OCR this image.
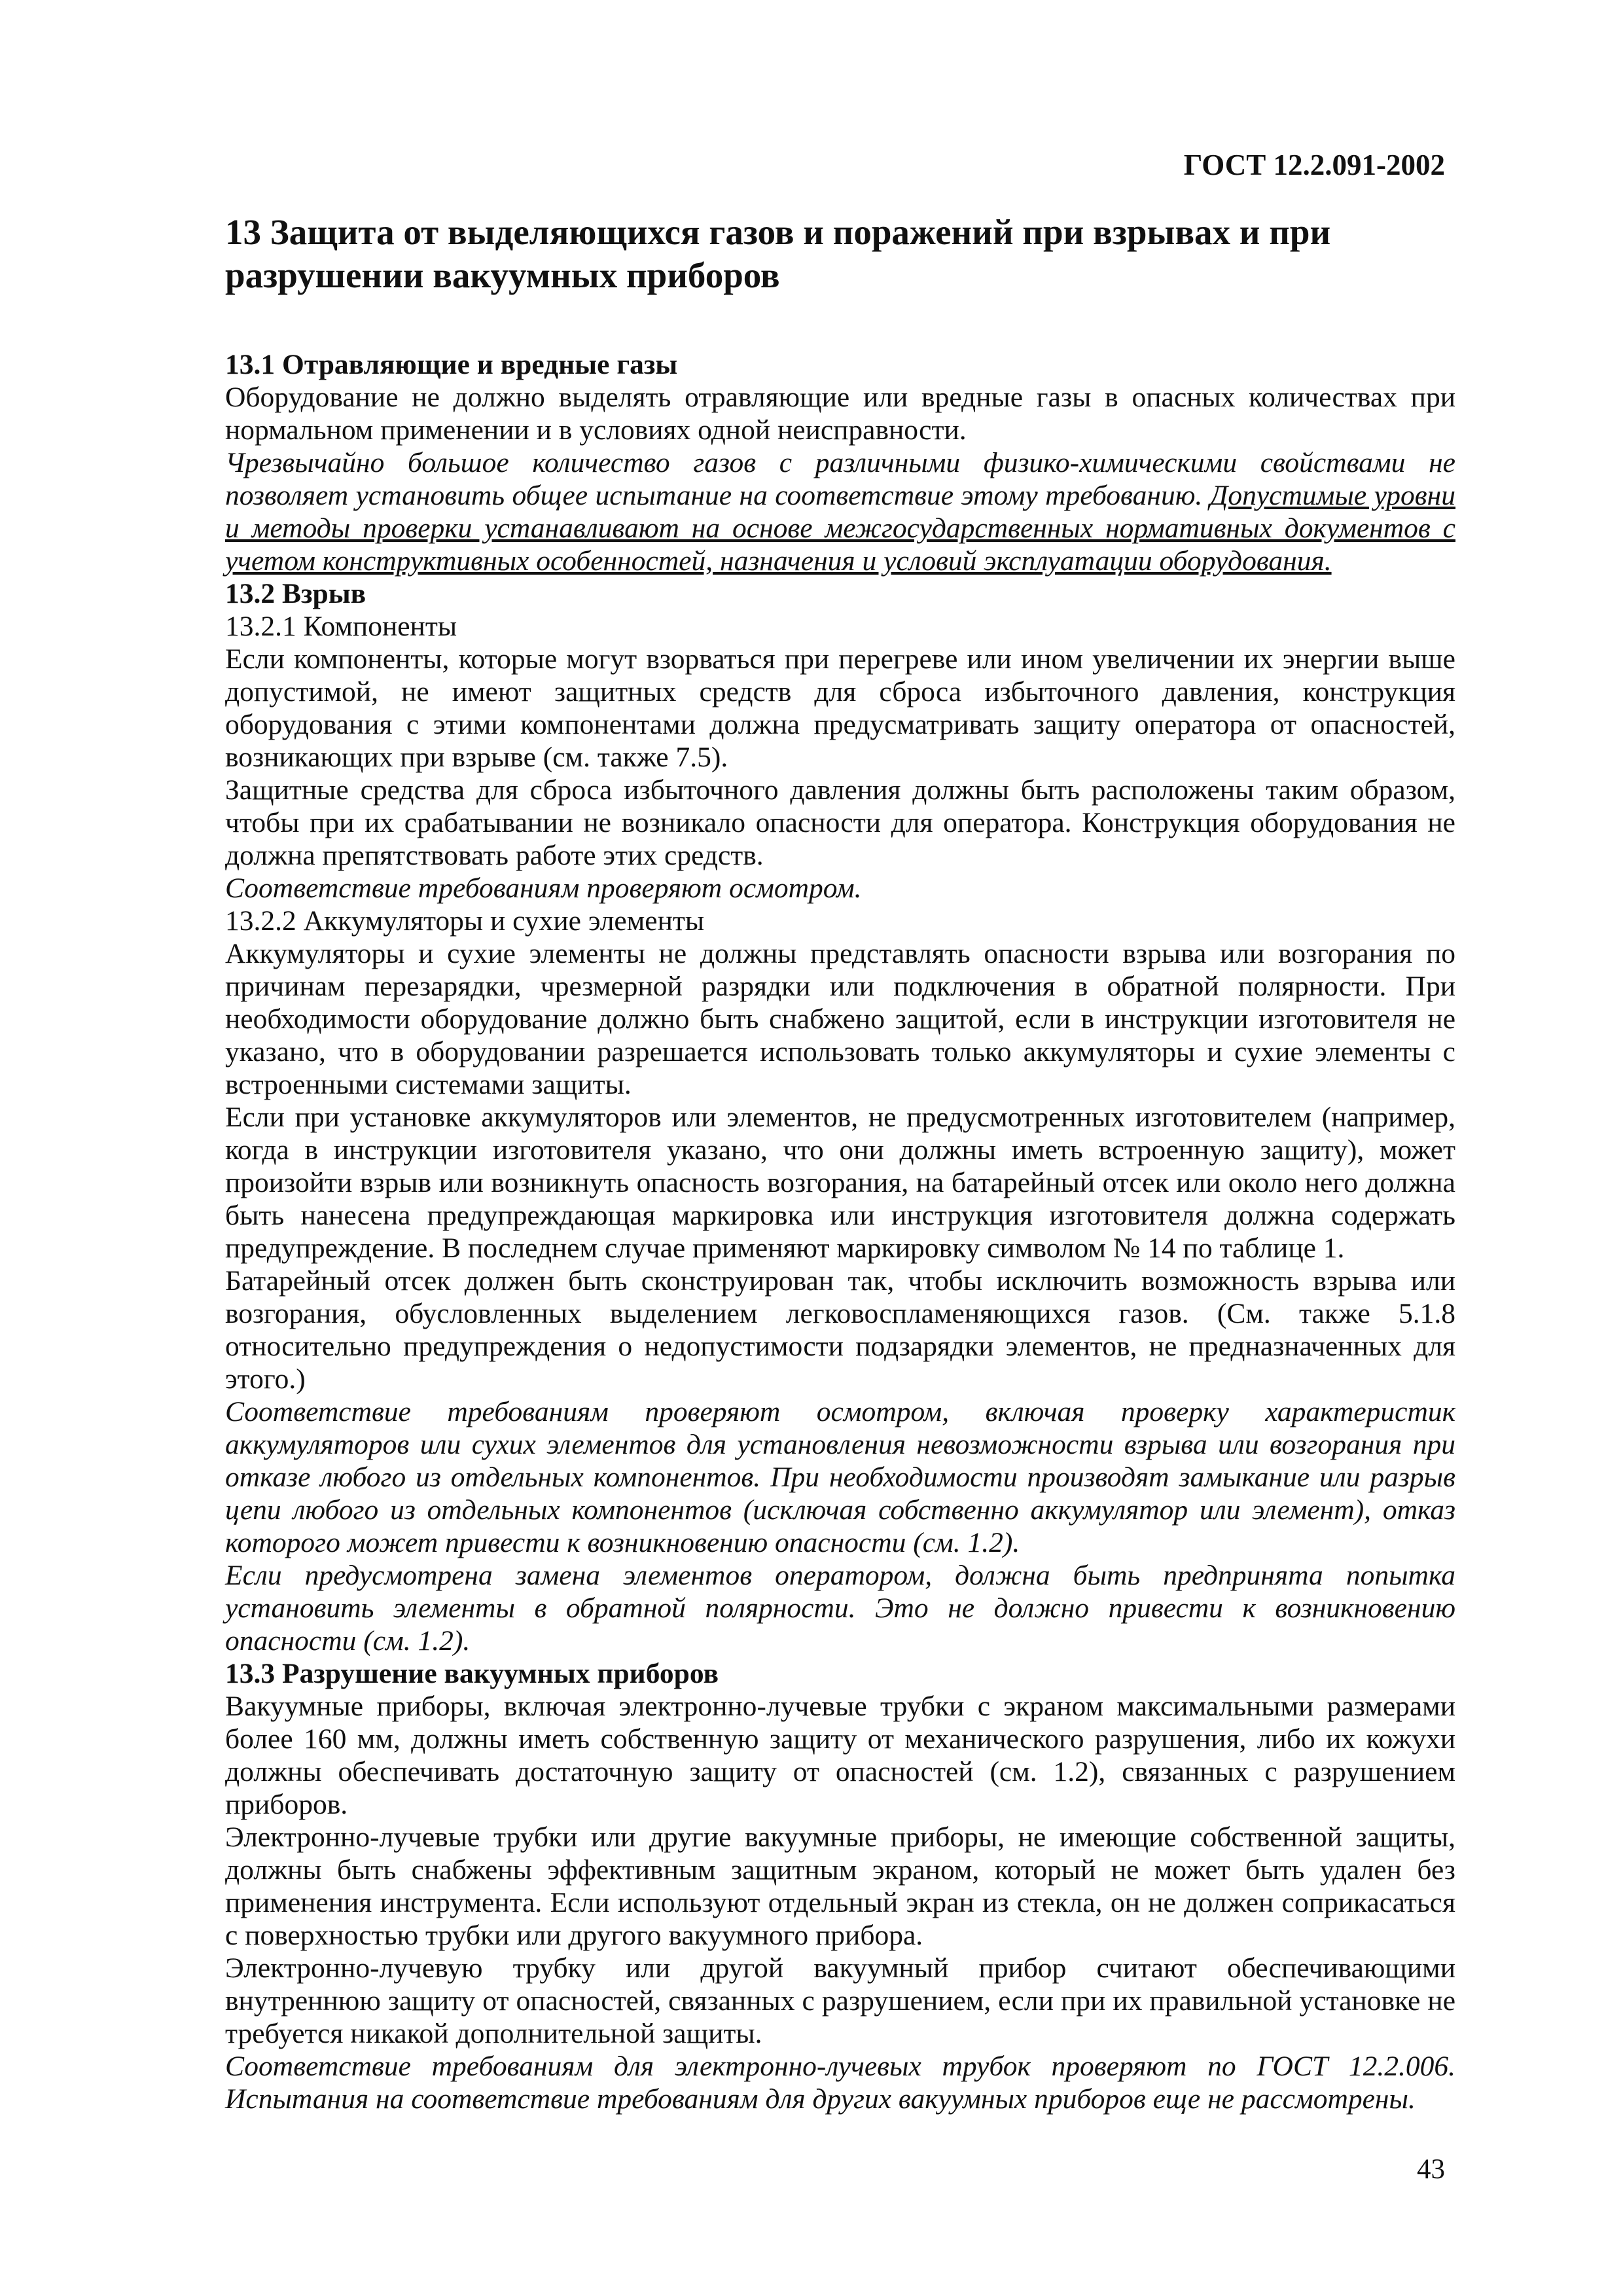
ГОСТ 12.2.091-2002
13 Защита от выделяющихся газов и поражений при взрывах и при разрушении вакуумных приборов
13.1 Отравляющие и вредные газы

Оборудование не должно выделять отравляющие или вредные газы в опасных количествах при нормальном применении и в условиях одной неисправности.

Чрезвычайно большое количество газов с различными физико-химическими свойствами не позволяет установить общее испытание на соответствие этому требованию. Допустимые уровни и методы проверки устанавливают на основе межгосударственных нормативных документов с учетом конструктивных особенностей, назначения и условий эксплуатации оборудования.

13.2 Взрыв
13.2.1 Компоненты

Если компоненты, которые могут взорваться при перегреве или ином увеличении их энергии выше допустимой, не имеют защитных средств для сброса избыточного давления, конструкция оборудования с этими компонентами должна предусматривать защиту оператора от опасностей, возникающих при взрыве (см. также 7.5).

Защитные средства для сброса избыточного давления должны быть расположены таким образом, чтобы при их срабатывании не возникало опасности для оператора. Конструкция оборудования не должна препятствовать работе этих средств.

Соответствие требованиям проверяют осмотром.

13.2.2 Аккумуляторы и сухие элементы

Аккумуляторы и сухие элементы не должны представлять опасности взрыва или возгорания по причинам перезарядки, чрезмерной разрядки или подключения в обратной полярности. При необходимости оборудование должно быть снабжено защитой, если в инструкции изготовителя не указано, что в оборудовании разрешается использовать только аккумуляторы и сухие элементы с встроенными системами защиты.

Если при установке аккумуляторов или элементов, не предусмотренных изготовителем (например, когда в инструкции изготовителя указано, что они должны иметь встроенную защиту), может произойти взрыв или возникнуть опасность возгорания, на батарейный отсек или около него должна быть нанесена предупреждающая маркировка или инструкция изготовителя должна содержать предупреждение. В последнем случае применяют маркировку символом № 14 по таблице 1.

Батарейный отсек должен быть сконструирован так, чтобы исключить возможность взрыва или возгорания, обусловленных выделением легковоспламеняющихся газов. (См. также 5.1.8 относительно предупреждения о недопустимости подзарядки элементов, не предназначенных для этого.)

Соответствие требованиям проверяют осмотром, включая проверку характеристик аккумуляторов или сухих элементов для установления невозможности взрыва или возгорания при отказе любого из отдельных компонентов. При необходимости производят замыкание или разрыв цепи любого из отдельных компонентов (исключая собственно аккумулятор или элемент), отказ которого может привести к возникновению опасности (см. 1.2).

Если предусмотрена замена элементов оператором, должна быть предпринята попытка установить элементы в обратной полярности. Это не должно привести к возникновению опасности (см. 1.2).

13.3 Разрушение вакуумных приборов

Вакуумные приборы, включая электронно-лучевые трубки с экраном максимальными размерами более 160 мм, должны иметь собственную защиту от механического разрушения, либо их кожухи должны обеспечивать достаточную защиту от опасностей (см. 1.2), связанных с разрушением приборов.

Электронно-лучевые трубки или другие вакуумные приборы, не имеющие собственной защиты, должны быть снабжены эффективным защитным экраном, который не может быть удален без применения инструмента. Если используют отдельный экран из стекла, он не должен соприкасаться с поверхностью трубки или другого вакуумного прибора.

Электронно-лучевую трубку или другой вакуумный прибор считают обеспечивающими внутреннюю защиту от опасностей, связанных с разрушением, если при их правильной установке не требуется никакой дополнительной защиты.

Соответствие требованиям для электронно-лучевых трубок проверяют по ГОСТ 12.2.006. Испытания на соответствие требованиям для других вакуумных приборов еще не рассмотрены.

43
